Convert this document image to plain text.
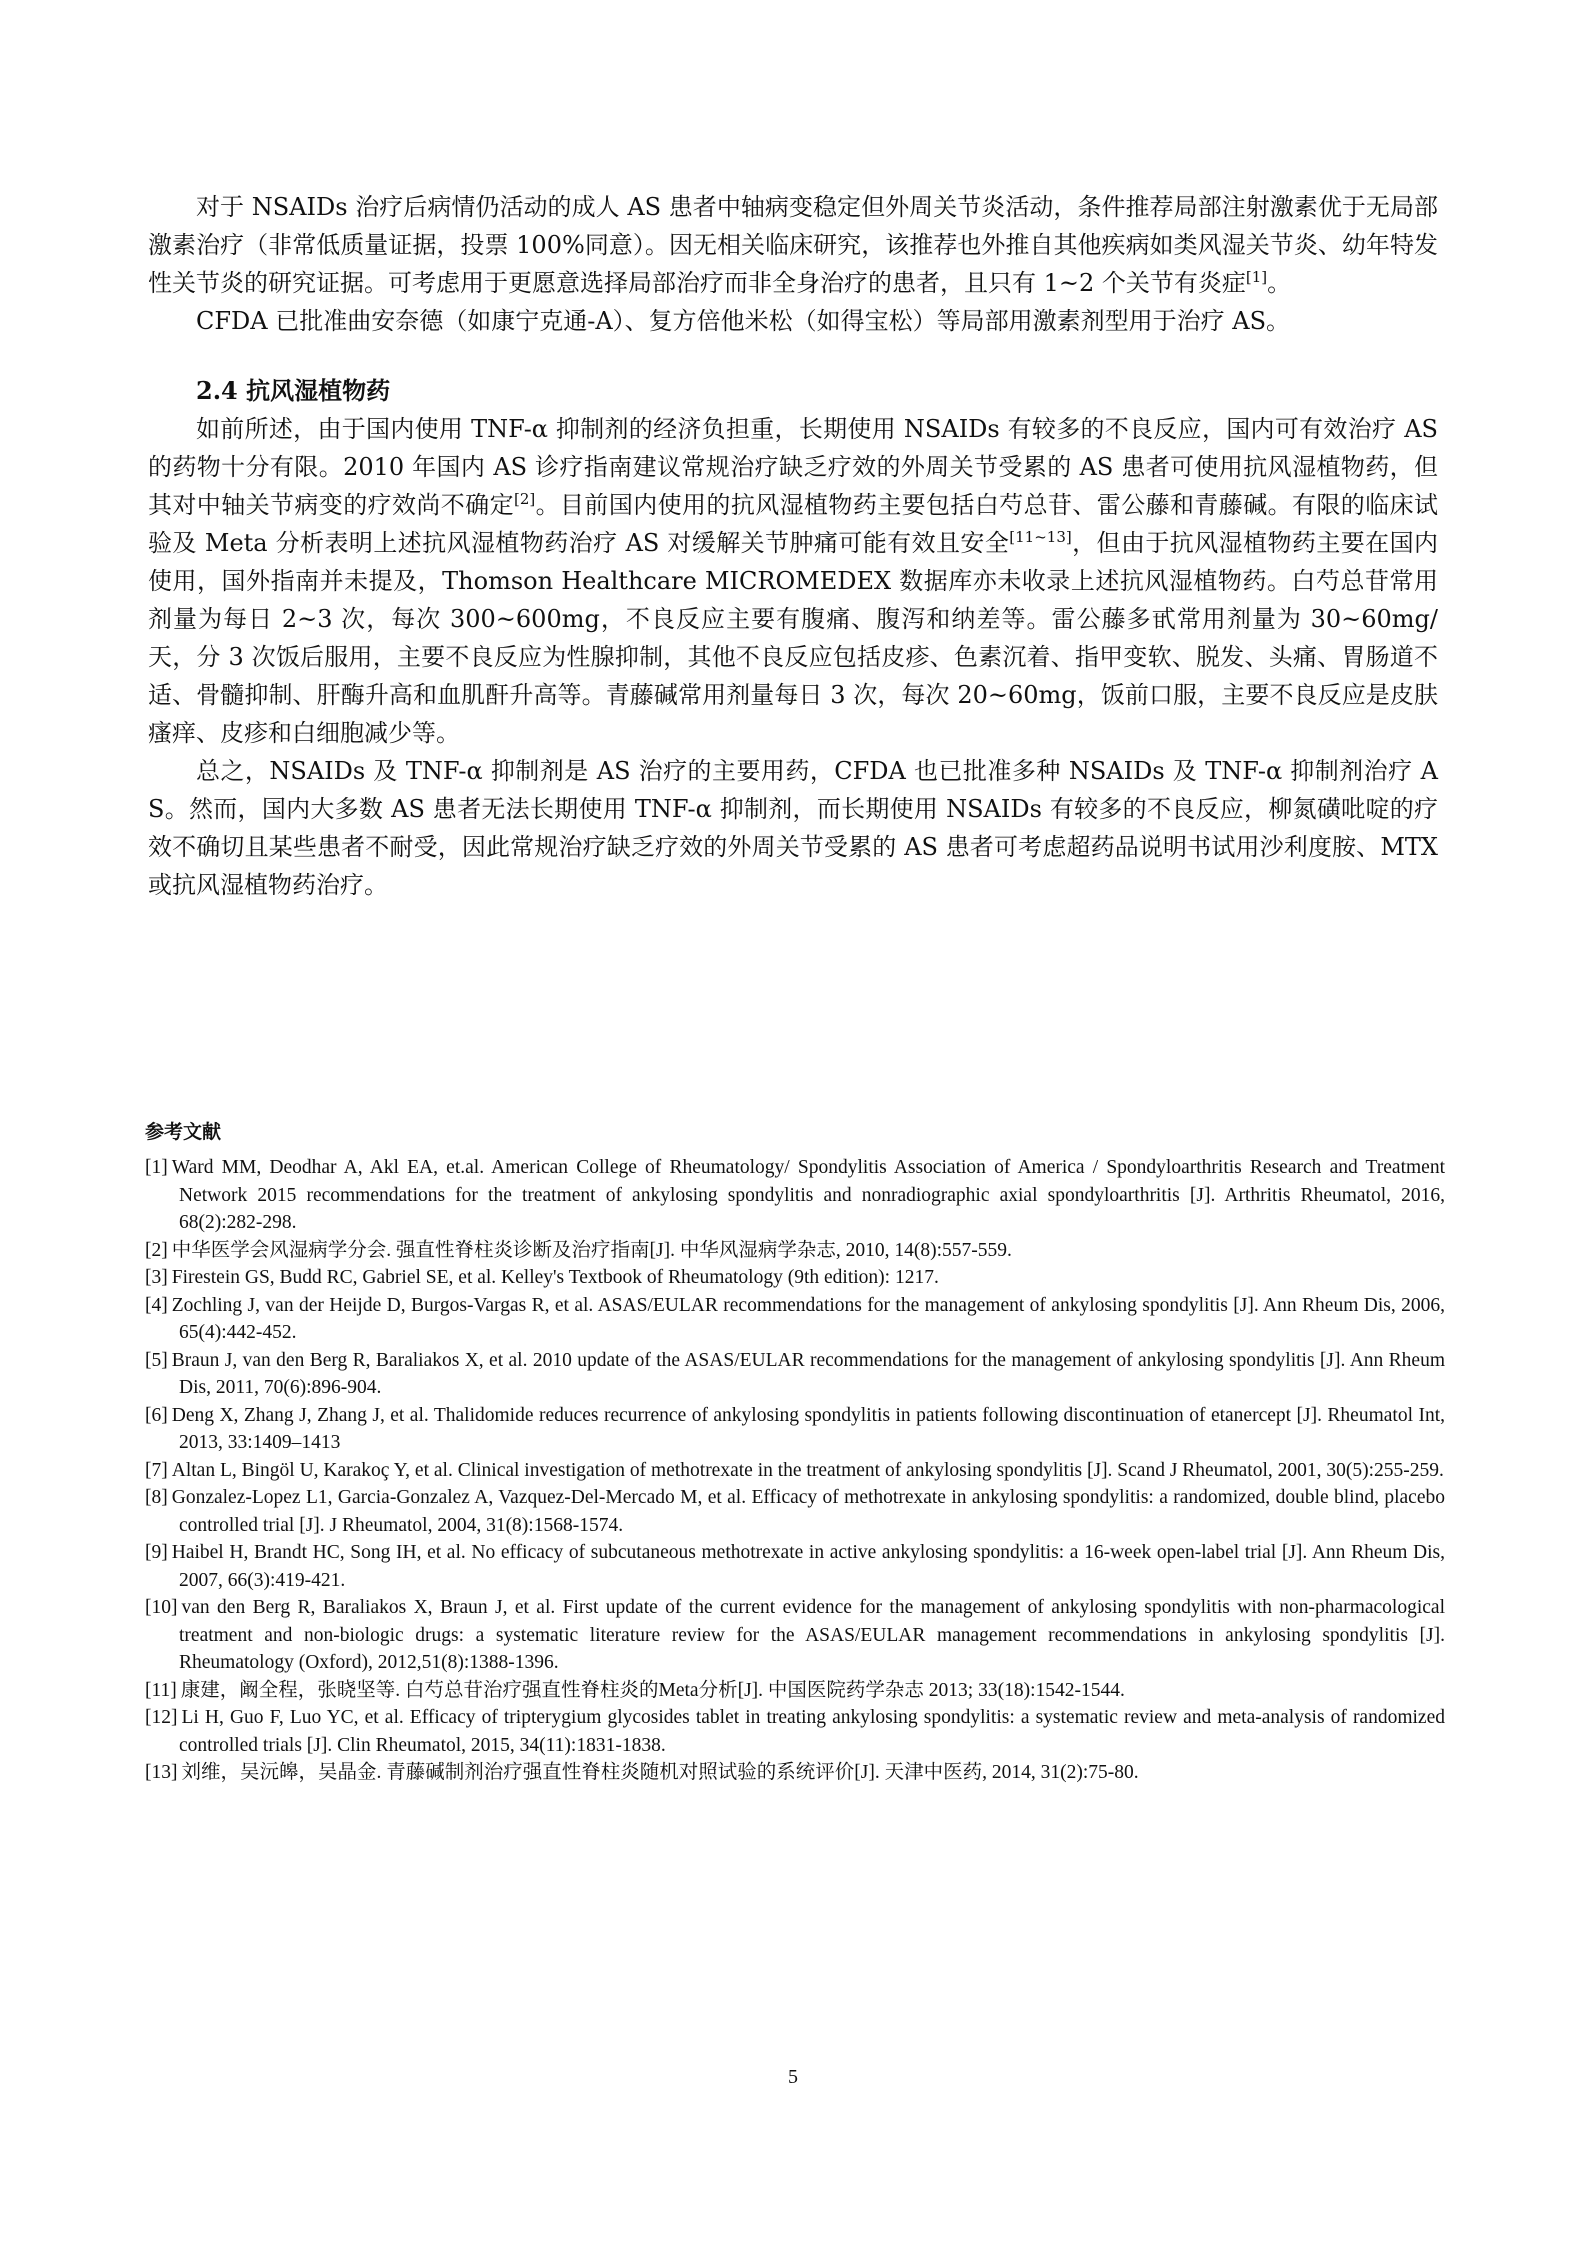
对于 NSAIDs 治疗后病情仍活动的成人 AS 患者中轴病变稳定但外周关节炎活动，条件推荐局部注射激素优于无局部激素治疗（非常低质量证据，投票 100%同意）。因无相关临床研究，该推荐也外推自其他疾病如类风湿关节炎、幼年特发性关节炎的研究证据。可考虑用于更愿意选择局部治疗而非全身治疗的患者，且只有 1~2 个关节有炎症[1]。

CFDA 已批准曲安奈德（如康宁克通-A）、复方倍他米松（如得宝松）等局部用激素剂型用于治疗 AS。

2.4 抗风湿植物药

如前所述，由于国内使用 TNF-α 抑制剂的经济负担重，长期使用 NSAIDs 有较多的不良反应，国内可有效治疗 AS 的药物十分有限。2010 年国内 AS 诊疗指南建议常规治疗缺乏疗效的外周关节受累的 AS 患者可使用抗风湿植物药，但其对中轴关节病变的疗效尚不确定[2]。目前国内使用的抗风湿植物药主要包括白芍总苷、雷公藤和青藤碱。有限的临床试验及 Meta 分析表明上述抗风湿植物药治疗 AS 对缓解关节肿痛可能有效且安全[11~13]，但由于抗风湿植物药主要在国内使用，国外指南并未提及，Thomson Healthcare MICROMEDEX 数据库亦未收录上述抗风湿植物药。白芍总苷常用剂量为每日 2~3 次，每次 300~600mg，不良反应主要有腹痛、腹泻和纳差等。雷公藤多甙常用剂量为 30~60mg/天，分 3 次饭后服用，主要不良反应为性腺抑制，其他不良反应包括皮疹、色素沉着、指甲变软、脱发、头痛、胃肠道不适、骨髓抑制、肝酶升高和血肌酐升高等。青藤碱常用剂量每日 3 次，每次 20~60mg，饭前口服，主要不良反应是皮肤瘙痒、皮疹和白细胞减少等。

总之，NSAIDs 及 TNF-α 抑制剂是 AS 治疗的主要用药，CFDA 也已批准多种 NSAIDs 及 TNF-α 抑制剂治疗 AS。然而，国内大多数 AS 患者无法长期使用 TNF-α 抑制剂，而长期使用 NSAIDs 有较多的不良反应，柳氮磺吡啶的疗效不确切且某些患者不耐受，因此常规治疗缺乏疗效的外周关节受累的 AS 患者可考虑超药品说明书试用沙利度胺、MTX 或抗风湿植物药治疗。

参考文献
[1] Ward MM, Deodhar A, Akl EA, et.al. American College of Rheumatology/ Spondylitis Association of America / Spondyloarthritis Research and Treatment Network 2015 recommendations for the treatment of ankylosing spondylitis and nonradiographic axial spondyloarthritis [J]. Arthritis Rheumatol, 2016, 68(2):282-298.
[2] 中华医学会风湿病学分会. 强直性脊柱炎诊断及治疗指南[J]. 中华风湿病学杂志, 2010, 14(8):557-559.
[3] Firestein GS, Budd RC, Gabriel SE, et al. Kelley's Textbook of Rheumatology (9th edition): 1217.
[4] Zochling J, van der Heijde D, Burgos-Vargas R, et al. ASAS/EULAR recommendations for the management of ankylosing spondylitis [J]. Ann Rheum Dis, 2006, 65(4):442-452.
[5] Braun J, van den Berg R, Baraliakos X, et al. 2010 update of the ASAS/EULAR recommendations for the management of ankylosing spondylitis [J]. Ann Rheum Dis, 2011, 70(6):896-904.
[6] Deng X, Zhang J, Zhang J, et al. Thalidomide reduces recurrence of ankylosing spondylitis in patients following discontinuation of etanercept [J]. Rheumatol Int, 2013, 33:1409–1413
[7] Altan L, Bingöl U, Karakoç Y, et al. Clinical investigation of methotrexate in the treatment of ankylosing spondylitis [J]. Scand J Rheumatol, 2001, 30(5):255-259.
[8] Gonzalez-Lopez L1, Garcia-Gonzalez A, Vazquez-Del-Mercado M, et al. Efficacy of methotrexate in ankylosing spondylitis: a randomized, double blind, placebo controlled trial [J]. J Rheumatol, 2004, 31(8):1568-1574.
[9] Haibel H, Brandt HC, Song IH, et al. No efficacy of subcutaneous methotrexate in active ankylosing spondylitis: a 16-week open-label trial [J]. Ann Rheum Dis, 2007, 66(3):419-421.
[10] van den Berg R, Baraliakos X, Braun J, et al. First update of the current evidence for the management of ankylosing spondylitis with non-pharmacological treatment and non-biologic drugs: a systematic literature review for the ASAS/EULAR management recommendations in ankylosing spondylitis [J]. Rheumatology (Oxford), 2012,51(8):1388-1396.
[11] 康建，阚全程，张晓坚等. 白芍总苷治疗强直性脊柱炎的Meta分析[J]. 中国医院药学杂志 2013; 33(18):1542-1544.
[12] Li H, Guo F, Luo YC, et al. Efficacy of tripterygium glycosides tablet in treating ankylosing spondylitis: a systematic review and meta-analysis of randomized controlled trials [J]. Clin Rheumatol, 2015, 34(11):1831-1838.
[13] 刘维，吴沅皞，吴晶金. 青藤碱制剂治疗强直性脊柱炎随机对照试验的系统评价[J]. 天津中医药, 2014, 31(2):75-80.
5
